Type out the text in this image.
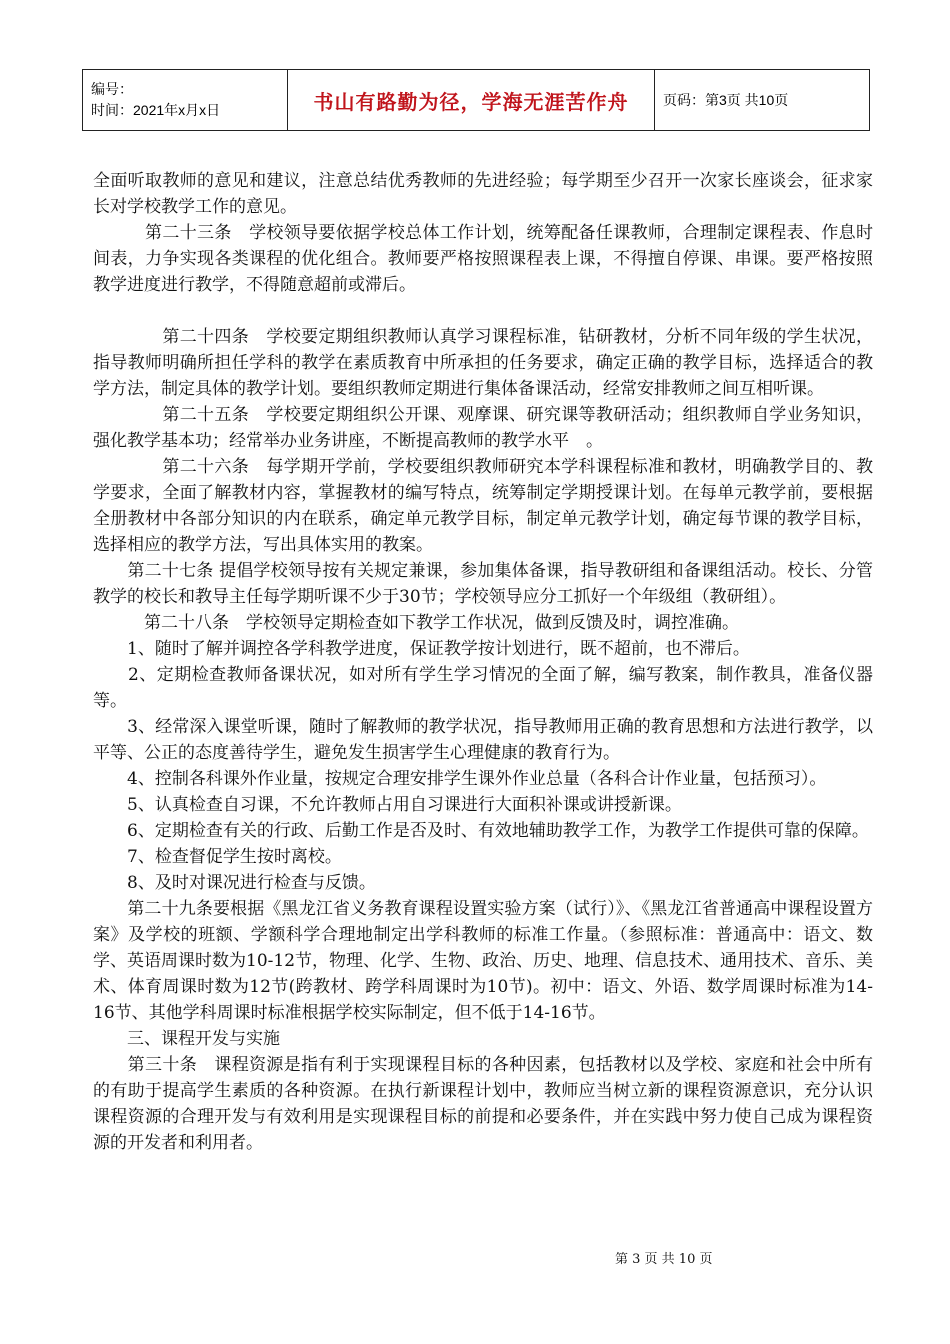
编号：
时间：2021年x月x日	书山有路勤为径，学海无涯苦作舟	页码：第3页 共10页

全面听取教师的意见和建议，注意总结优秀教师的先进经验；每学期至少召开一次家长座谈会，征求家长对学校教学工作的意见。

　　　第二十三条　学校领导要依据学校总体工作计划，统筹配备任课教师，合理制定课程表、作息时间表，力争实现各类课程的优化组合。教师要严格按照课程表上课，不得擅自停课、串课。要严格按照教学进度进行教学，不得随意超前或滞后。

　　　　第二十四条　学校要定期组织教师认真学习课程标准，钻研教材，分析不同年级的学生状况，指导教师明确所担任学科的教学在素质教育中所承担的任务要求，确定正确的教学目标，选择适合的教学方法，制定具体的教学计划。要组织教师定期进行集体备课活动，经常安排教师之间互相听课。

　　　　第二十五条　学校要定期组织公开课、观摩课、研究课等教研活动；组织教师自学业务知识，强化教学基本功；经常举办业务讲座，不断提高教师的教学水平　。

　　　　第二十六条　每学期开学前，学校要组织教师研究本学科课程标准和教材，明确教学目的、教学要求，全面了解教材内容，掌握教材的编写特点，统筹制定学期授课计划。在每单元教学前，要根据全册教材中各部分知识的内在联系，确定单元教学目标，制定单元教学计划，确定每节课的教学目标，选择相应的教学方法，写出具体实用的教案。

　　第二十七条 提倡学校领导按有关规定兼课，参加集体备课，指导教研组和备课组活动。校长、分管教学的校长和教导主任每学期听课不少于30节；学校领导应分工抓好一个年级组（教研组）。

　　　第二十八条　学校领导定期检查如下教学工作状况，做到反馈及时，调控准确。

　　1、随时了解并调控各学科教学进度，保证教学按计划进行，既不超前，也不滞后。

　　2、定期检查教师备课状况，如对所有学生学习情况的全面了解，编写教案，制作教具，准备仪器等。

　　3、经常深入课堂听课，随时了解教师的教学状况，指导教师用正确的教育思想和方法进行教学，以平等、公正的态度善待学生，避免发生损害学生心理健康的教育行为。

　　4、控制各科课外作业量，按规定合理安排学生课外作业总量（各科合计作业量，包括预习）。

　　5、认真检查自习课，不允许教师占用自习课进行大面积补课或讲授新课。

　　6、定期检查有关的行政、后勤工作是否及时、有效地辅助教学工作，为教学工作提供可靠的保障。

　　7、检查督促学生按时离校。

　　8、及时对课况进行检查与反馈。

　　第二十九条要根据《黑龙江省义务教育课程设置实验方案（试行）》、《黑龙江省普通高中课程设置方案》及学校的班额、学额科学合理地制定出学科教师的标准工作量。（参照标准：普通高中：语文、数学、英语周课时数为10-12节，物理、化学、生物、政治、历史、地理、信息技术、通用技术、音乐、美术、体育周课时数为12节(跨教材、跨学科周课时为10节)。初中：语文、外语、数学周课时标准为14-16节、其他学科周课时标准根据学校实际制定，但不低于14-16节。

　　三、课程开发与实施

　　第三十条　课程资源是指有利于实现课程目标的各种因素，包括教材以及学校、家庭和社会中所有的有助于提高学生素质的各种资源。在执行新课程计划中，教师应当树立新的课程资源意识，充分认识课程资源的合理开发与有效利用是实现课程目标的前提和必要条件，并在实践中努力使自己成为课程资源的开发者和利用者。

第 3 页 共 10 页
